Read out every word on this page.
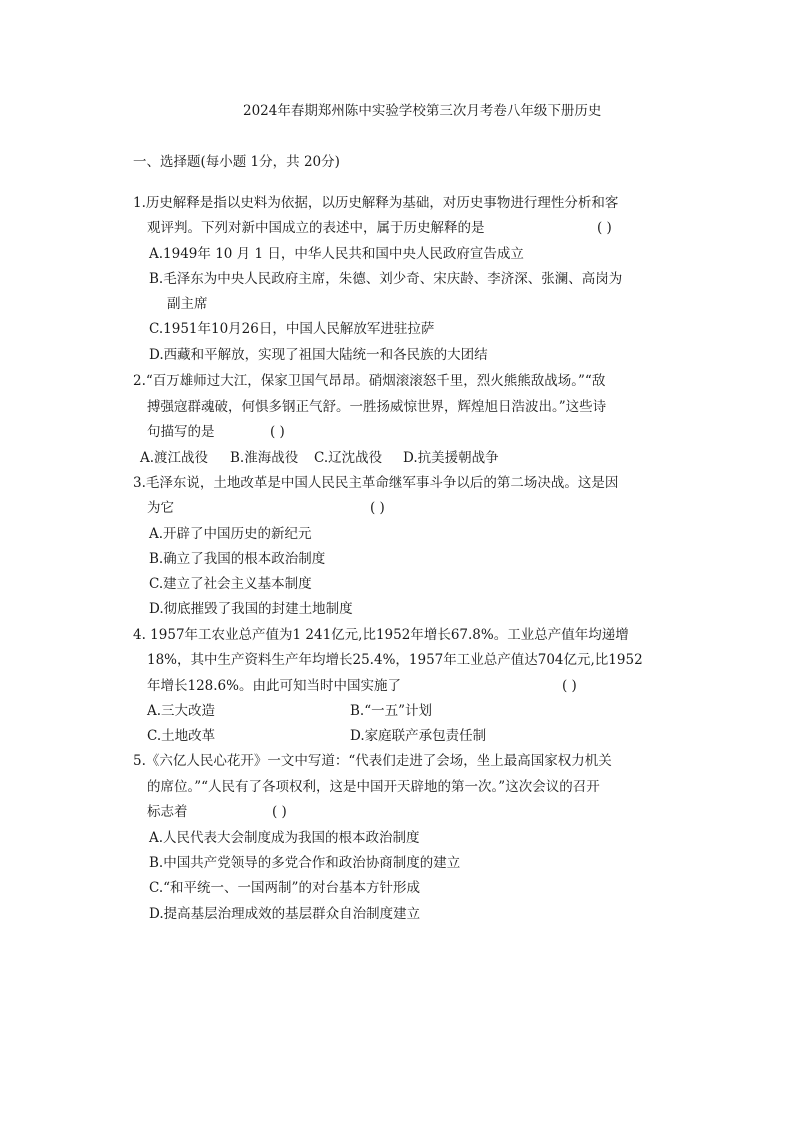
2024年春期郑州陈中实验学校第三次月考卷八年级下册历史
一、选择题(每小题 1分，共 20分)
1.历史解释是指以史料为依据，以历史解释为基础，对历史事物进行理性分析和客
观评判。下列对新中国成立的表述中，属于历史解释的是	( )
A.1949年 10 月 1 日，中华人民共和国中央人民政府宣告成立
B.毛泽东为中央人民政府主席，朱德、刘少奇、宋庆龄、李济深、张澜、高岗为
副主席
C.1951年10月26日，中国人民解放军进驻拉萨
D.西藏和平解放，实现了祖国大陆统一和各民族的大团结
2.“百万雄师过大江，保家卫国气昂昂。硝烟滚滚怒千里，烈火熊熊敌战场。”“敌
搏强寇群魂破，何惧多钢正气舒。一胜扬威惊世界，辉煌旭日浩波出。”这些诗
句描写的是	( )
A.渡江战役 B.淮海战役 C.辽沈战役 D.抗美援朝战争
3.毛泽东说，土地改革是中国人民民主革命继军事斗争以后的第二场决战。这是因
为它	( )
A.开辟了中国历史的新纪元
B.确立了我国的根本政治制度
C.建立了社会主义基本制度
D.彻底摧毁了我国的封建土地制度
4. 1957年工农业总产值为1 241亿元,比1952年增长67.8%。工业总产值年均递增
18%，其中生产资料生产年均增长25.4%，1957年工业总产值达704亿元,比1952
年增长128.6%。由此可知当时中国实施了	( )
A.三大改造	B.“一五”计划
C.土地改革	D.家庭联产承包责任制
5.《六亿人民心花开》一文中写道：“代表们走进了会场，坐上最高国家权力机关
的席位。”“人民有了各项权利，这是中国开天辟地的第一次。”这次会议的召开
标志着	( )
A.人民代表大会制度成为我国的根本政治制度
B.中国共产党领导的多党合作和政治协商制度的建立
C.“和平统一、一国两制”的对台基本方针形成
D.提高基层治理成效的基层群众自治制度建立
